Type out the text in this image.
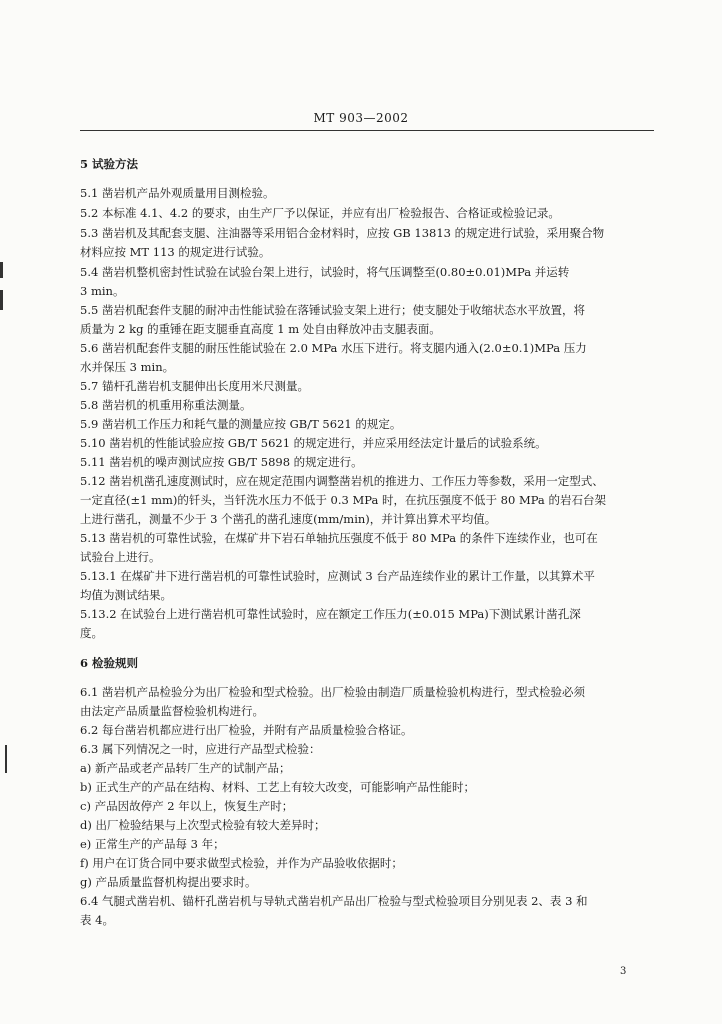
MT 903—2002
5 试验方法
5.1 凿岩机产品外观质量用目测检验。
5.2 本标准 4.1、4.2 的要求，由生产厂予以保证，并应有出厂检验报告、合格证或检验记录。
5.3 凿岩机及其配套支腿、注油器等采用铝合金材料时，应按 GB 13813 的规定进行试验，采用聚合物
材料应按 MT 113 的规定进行试验。
5.4 凿岩机整机密封性试验在试验台架上进行，试验时，将气压调整至(0.80±0.01)MPa 并运转
3 min。
5.5 凿岩机配套件支腿的耐冲击性能试验在落锤试验支架上进行；使支腿处于收缩状态水平放置，将
质量为 2 kg 的重锤在距支腿垂直高度 1 m 处自由释放冲击支腿表面。
5.6 凿岩机配套件支腿的耐压性能试验在 2.0 MPa 水压下进行。将支腿内通入(2.0±0.1)MPa 压力
水并保压 3 min。
5.7 锚杆孔凿岩机支腿伸出长度用米尺测量。
5.8 凿岩机的机重用称重法测量。
5.9 凿岩机工作压力和耗气量的测量应按 GB/T 5621 的规定。
5.10 凿岩机的性能试验应按 GB/T 5621 的规定进行，并应采用经法定计量后的试验系统。
5.11 凿岩机的噪声测试应按 GB/T 5898 的规定进行。
5.12 凿岩机凿孔速度测试时，应在规定范围内调整凿岩机的推进力、工作压力等参数，采用一定型式、
一定直径(±1 mm)的钎头，当钎洗水压力不低于 0.3 MPa 时，在抗压强度不低于 80 MPa 的岩石台架
上进行凿孔，测量不少于 3 个凿孔的凿孔速度(mm/min)，并计算出算术平均值。
5.13 凿岩机的可靠性试验，在煤矿井下岩石单轴抗压强度不低于 80 MPa 的条件下连续作业，也可在
试验台上进行。
5.13.1 在煤矿井下进行凿岩机的可靠性试验时，应测试 3 台产品连续作业的累计工作量，以其算术平
均值为测试结果。
5.13.2 在试验台上进行凿岩机可靠性试验时，应在额定工作压力(±0.015 MPa)下测试累计凿孔深
度。
6 检验规则
6.1 凿岩机产品检验分为出厂检验和型式检验。出厂检验由制造厂质量检验机构进行，型式检验必须
由法定产品质量监督检验机构进行。
6.2 每台凿岩机都应进行出厂检验，并附有产品质量检验合格证。
6.3 属下列情况之一时，应进行产品型式检验：
a) 新产品或老产品转厂生产的试制产品；
b) 正式生产的产品在结构、材料、工艺上有较大改变，可能影响产品性能时；
c) 产品因故停产 2 年以上，恢复生产时；
d) 出厂检验结果与上次型式检验有较大差异时；
e) 正常生产的产品每 3 年；
f) 用户在订货合同中要求做型式检验，并作为产品验收依据时；
g) 产品质量监督机构提出要求时。
6.4 气腿式凿岩机、锚杆孔凿岩机与导轨式凿岩机产品出厂检验与型式检验项目分别见表 2、表 3 和
表 4。
3
